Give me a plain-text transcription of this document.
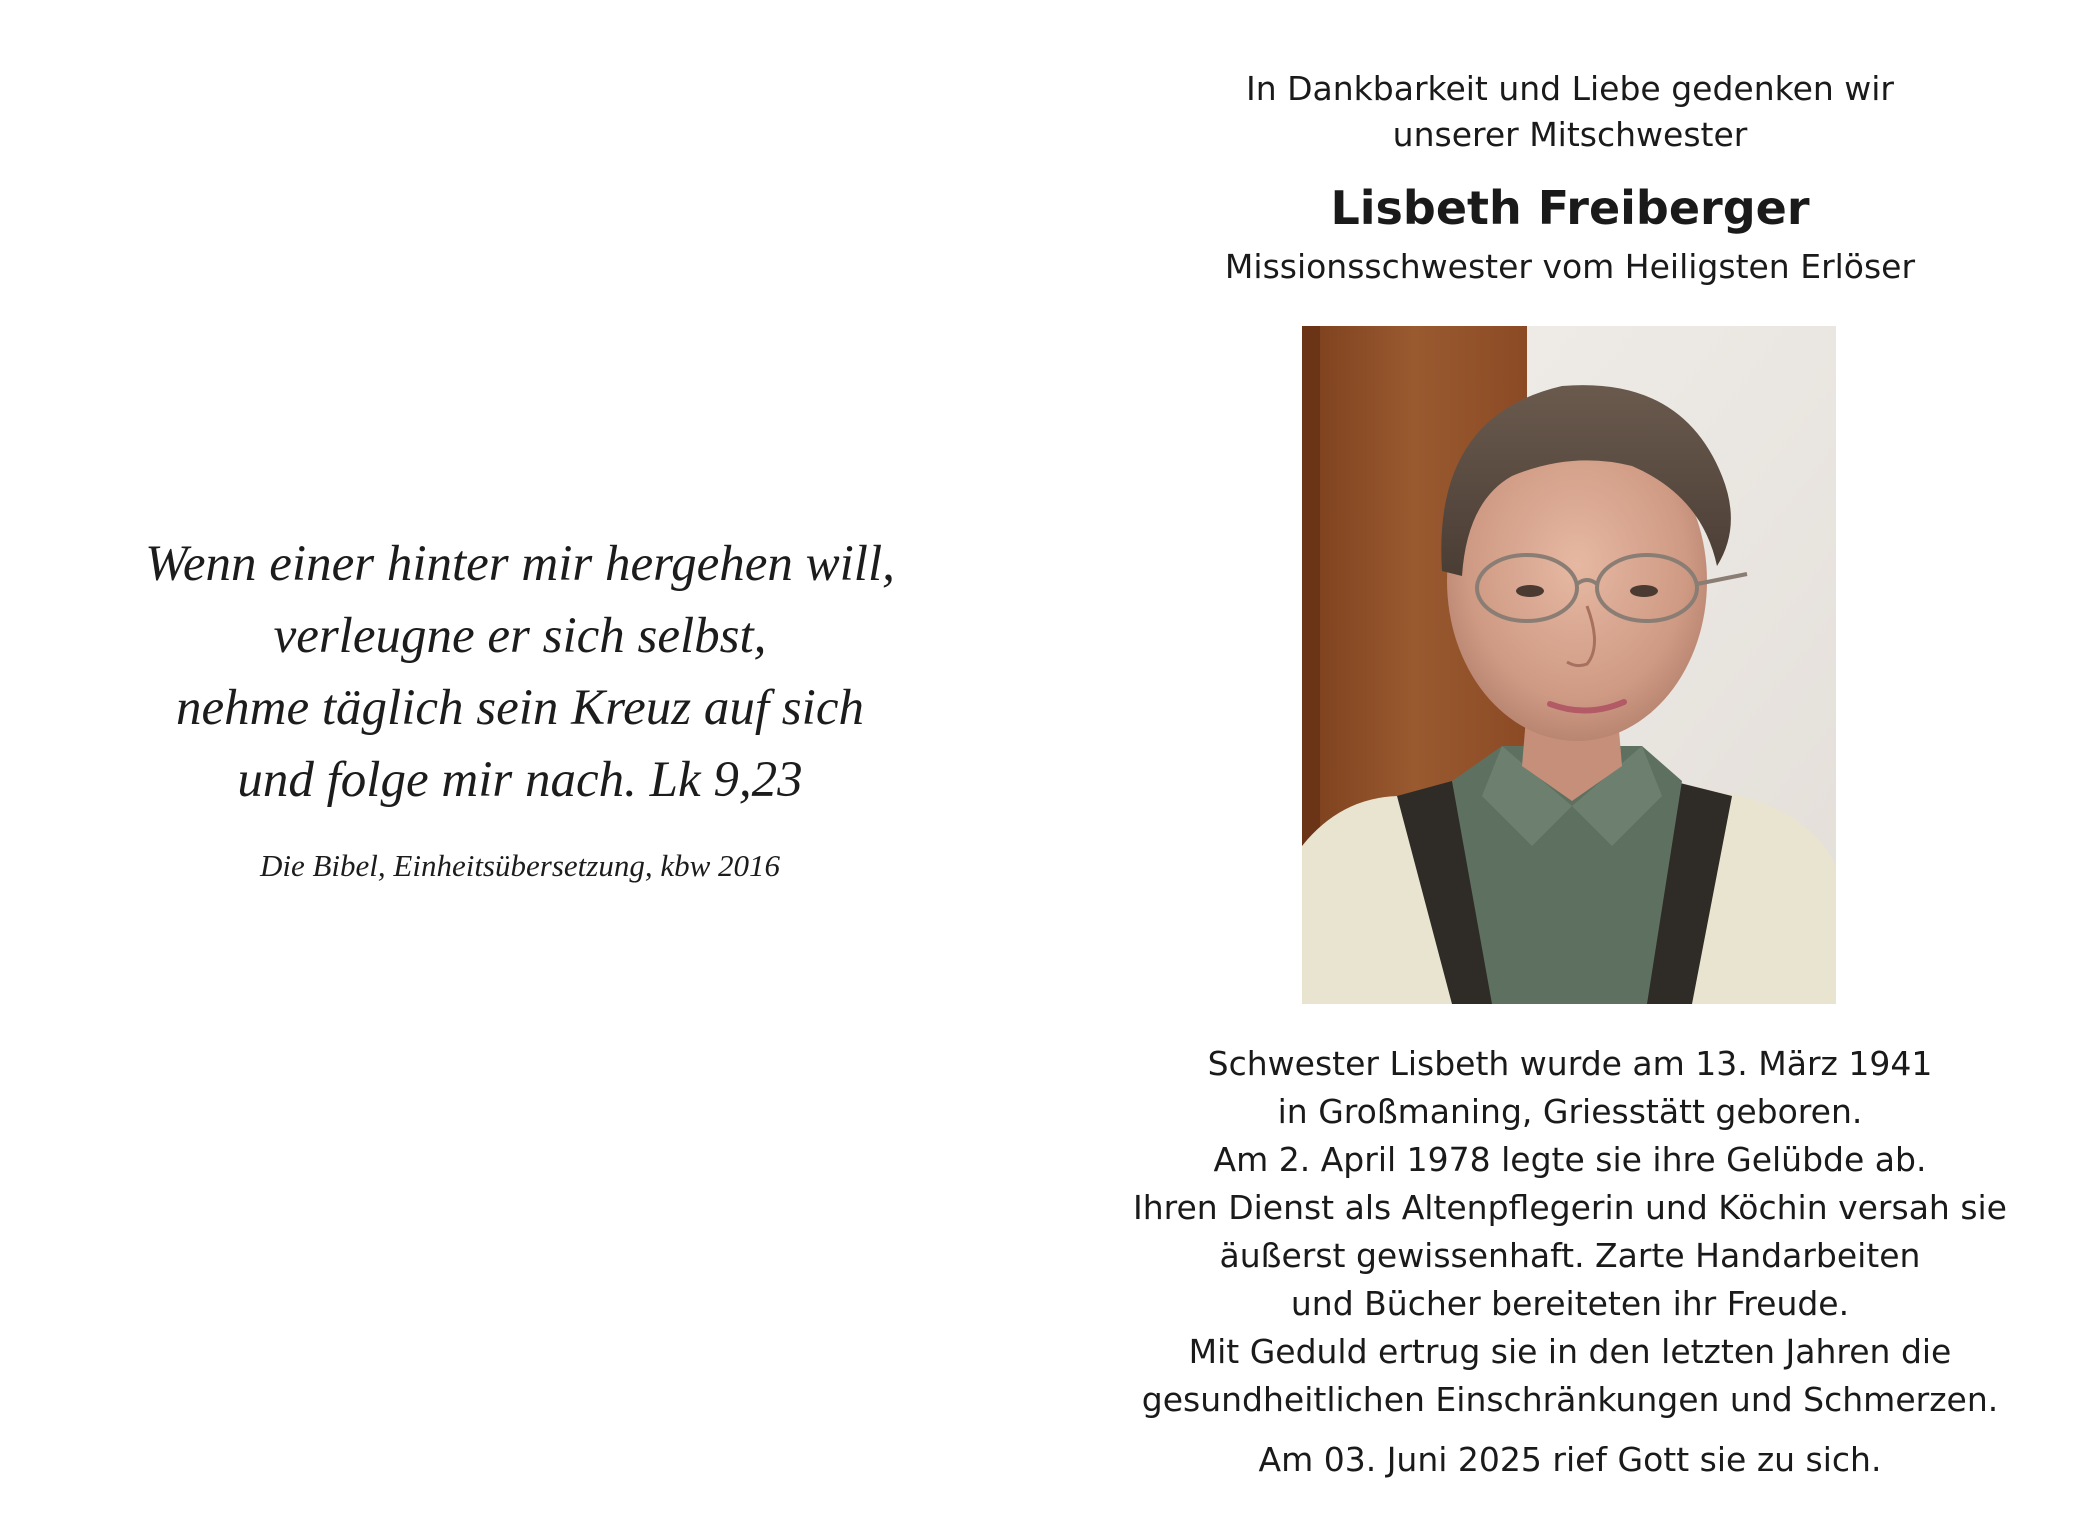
Wenn einer hinter mir hergehen will,
verleugne er sich selbst,
nehme täglich sein Kreuz auf sich
und folge mir nach. Lk 9,23
Die Bibel, Einheitsübersetzung, kbw 2016
In Dankbarkeit und Liebe gedenken wir
unserer Mitschwester
Lisbeth Freiberger
Missionsschwester vom Heiligsten Erlöser
Schwester Lisbeth wurde am 13. März 1941
in Großmaning, Griesstätt geboren.
Am 2. April 1978 legte sie ihre Gelübde ab.
Ihren Dienst als Altenpflegerin und Köchin versah sie
äußerst gewissenhaft. Zarte Handarbeiten
und Bücher bereiteten ihr Freude.
Mit Geduld ertrug sie in den letzten Jahren die
gesundheitlichen Einschränkungen und Schmerzen.
Am 03. Juni 2025 rief Gott sie zu sich.
